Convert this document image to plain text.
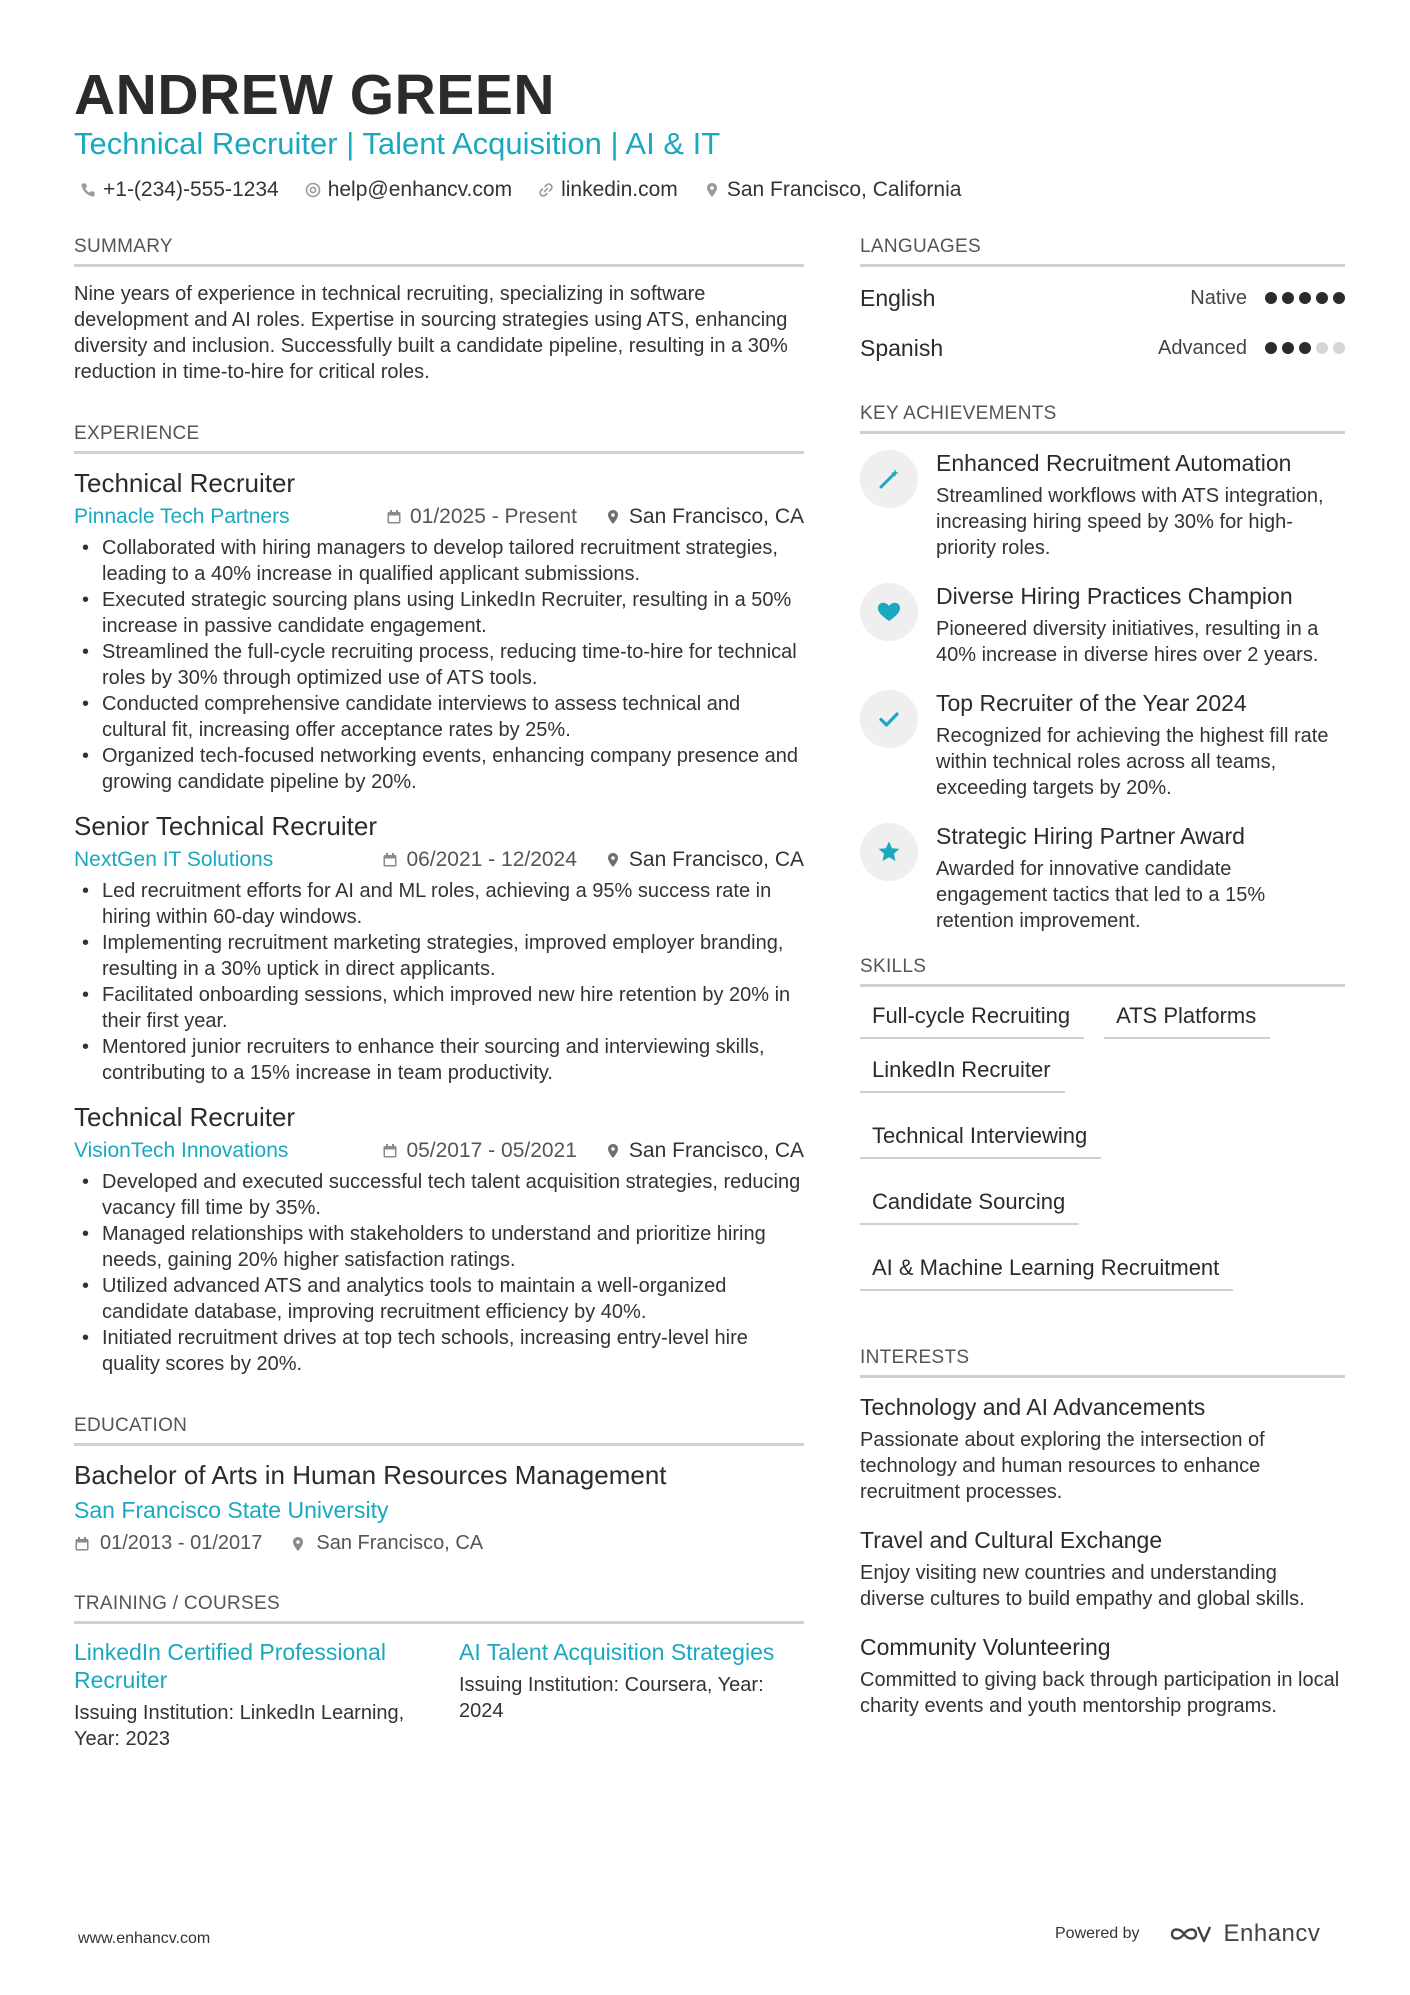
ANDREW GREEN
Technical Recruiter | Talent Acquisition | AI & IT
+1-(234)-555-1234 help@enhancv.com linkedin.com San Francisco, California
SUMMARY

Nine years of experience in technical recruiting, specializing in software development and AI roles. Expertise in sourcing strategies using ATS, enhancing diversity and inclusion. Successfully built a candidate pipeline, resulting in a 30% reduction in time-to-hire for critical roles.

EXPERIENCE
Technical Recruiter
Pinnacle Tech Partners	01/2025 - Present San Francisco, CA
• Collaborated with hiring managers to develop tailored recruitment strategies, leading to a 40% increase in qualified applicant submissions.
• Executed strategic sourcing plans using LinkedIn Recruiter, resulting in a 50% increase in passive candidate engagement.
• Streamlined the full-cycle recruiting process, reducing time-to-hire for technical roles by 30% through optimized use of ATS tools.
• Conducted comprehensive candidate interviews to assess technical and cultural fit, increasing offer acceptance rates by 25%.
• Organized tech-focused networking events, enhancing company presence and growing candidate pipeline by 20%.
Senior Technical Recruiter
NextGen IT Solutions	06/2021 - 12/2024 San Francisco, CA
• Led recruitment efforts for AI and ML roles, achieving a 95% success rate in hiring within 60-day windows.
• Implementing recruitment marketing strategies, improved employer branding, resulting in a 30% uptick in direct applicants.
• Facilitated onboarding sessions, which improved new hire retention by 20% in their first year.
• Mentored junior recruiters to enhance their sourcing and interviewing skills, contributing to a 15% increase in team productivity.
Technical Recruiter
VisionTech Innovations	05/2017 - 05/2021 San Francisco, CA
• Developed and executed successful tech talent acquisition strategies, reducing vacancy fill time by 35%.
• Managed relationships with stakeholders to understand and prioritize hiring needs, gaining 20% higher satisfaction ratings.
• Utilized advanced ATS and analytics tools to maintain a well-organized candidate database, improving recruitment efficiency by 40%.
• Initiated recruitment drives at top tech schools, increasing entry-level hire quality scores by 20%.
EDUCATION
Bachelor of Arts in Human Resources Management
San Francisco State University
01/2013 - 01/2017	San Francisco, CA
TRAINING / COURSES
LinkedIn Certified Professional Recruiter
Issuing Institution: LinkedIn Learning, Year: 2023
AI Talent Acquisition Strategies
Issuing Institution: Coursera, Year: 2024
LANGUAGES
English	Native
Spanish	Advanced
KEY ACHIEVEMENTS
Enhanced Recruitment Automation
Streamlined workflows with ATS integration, increasing hiring speed by 30% for high-priority roles.
Diverse Hiring Practices Champion
Pioneered diversity initiatives, resulting in a 40% increase in diverse hires over 2 years.
Top Recruiter of the Year 2024
Recognized for achieving the highest fill rate within technical roles across all teams, exceeding targets by 20%.
Strategic Hiring Partner Award
Awarded for innovative candidate engagement tactics that led to a 15% retention improvement.
SKILLS
Full-cycle Recruiting	ATS Platforms
LinkedIn Recruiter
Technical Interviewing
Candidate Sourcing
AI & Machine Learning Recruitment
INTERESTS
Technology and AI Advancements
Passionate about exploring the intersection of technology and human resources to enhance recruitment processes.
Travel and Cultural Exchange
Enjoy visiting new countries and understanding diverse cultures to build empathy and global skills.
Community Volunteering
Committed to giving back through participation in local charity events and youth mentorship programs.
www.enhancv.com	Powered by	Enhancv
